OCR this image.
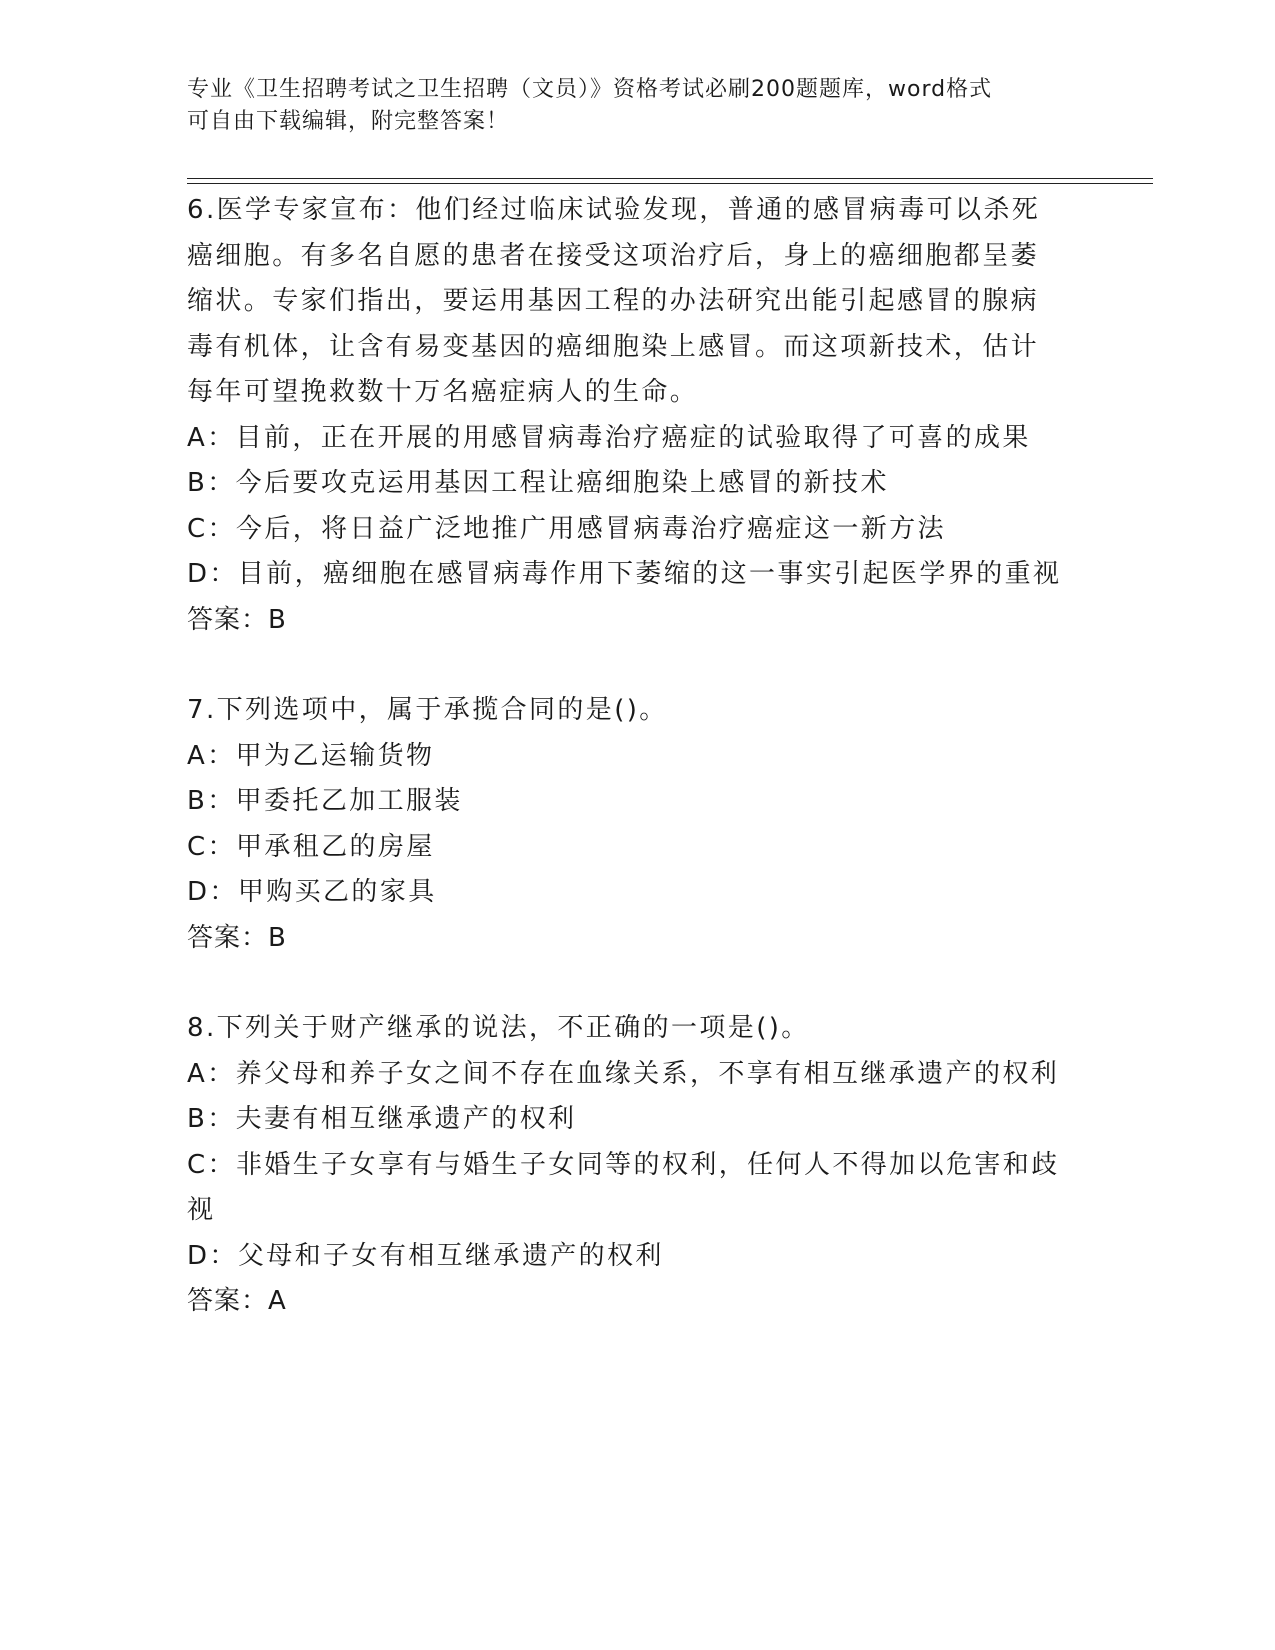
专业《卫生招聘考试之卫生招聘（文员）》资格考试必刷200题题库，word格式
可自由下载编辑，附完整答案！
6.医学专家宣布：他们经过临床试验发现，普通的感冒病毒可以杀死
癌细胞。有多名自愿的患者在接受这项治疗后，身上的癌细胞都呈萎
缩状。专家们指出，要运用基因工程的办法研究出能引起感冒的腺病
毒有机体，让含有易变基因的癌细胞染上感冒。而这项新技术，估计
每年可望挽救数十万名癌症病人的生命。
A：目前，正在开展的用感冒病毒治疗癌症的试验取得了可喜的成果
B：今后要攻克运用基因工程让癌细胞染上感冒的新技术
C：今后，将日益广泛地推广用感冒病毒治疗癌症这一新方法
D：目前，癌细胞在感冒病毒作用下萎缩的这一事实引起医学界的重视
答案：B
7.下列选项中，属于承揽合同的是()。
A：甲为乙运输货物
B：甲委托乙加工服装
C：甲承租乙的房屋
D：甲购买乙的家具
答案：B
8.下列关于财产继承的说法，不正确的一项是()。
A：养父母和养子女之间不存在血缘关系，不享有相互继承遗产的权利
B：夫妻有相互继承遗产的权利
C：非婚生子女享有与婚生子女同等的权利，任何人不得加以危害和歧
视
D：父母和子女有相互继承遗产的权利
答案：A
